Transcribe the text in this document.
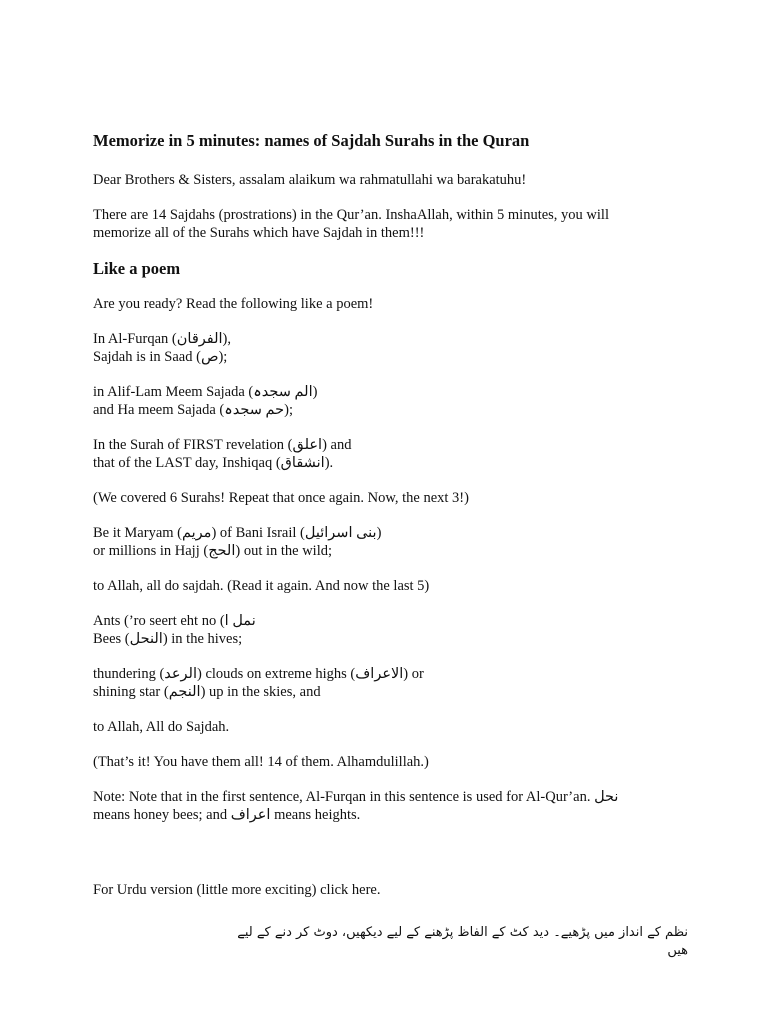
Memorize in 5 minutes: names of Sajdah Surahs in the Quran

Dear Brothers & Sisters, assalam alaikum wa rahmatullahi wa barakatuhu!

There are 14 Sajdahs (prostrations) in the Qur’an. InshaAllah, within 5 minutes, you will
memorize all of the Surahs which have Sajdah in them!!!
Like a poem

Are you ready? Read the following like a poem!

In Al-Furqan (الفرقان),
Sajdah is in Saad (ص);
in Alif-Lam Meem Sajada (الم سجدہ)
and Ha meem Sajada (حم سجدہ);
In the Surah of FIRST revelation (اعلق) and
that of the LAST day, Inshiqaq (انشقاق).

(We covered 6 Surahs! Repeat that once again. Now, the next 3!)

Be it Maryam (مریم) of Bani Israil (بنی اسرائیل)
or millions in Hajj (الحج) out in the wild;

to Allah, all do sajdah. (Read it again. And now the last 5)

Ants (’ro seert eht no (نمل ا
Bees (النحل) in the hives;
thundering (الرعد) clouds on extreme highs (الاعراف) or
shining star (النجم) up in the skies, and

to Allah, All do Sajdah.

(That’s it! You have them all! 14 of them. Alhamdulillah.)

Note: Note that in the first sentence, Al-Furqan in this sentence is used for Al-Qur’an. نحل
means honey bees; and اعراف means heights.

For Urdu version (little more exciting) click here.

نظم کے انداز میں پڑھیے۔ دید کٹ کے الفاظ پڑھنے کے لیے دیکھیں، دوٹ کر دنے کے لیے
ھیں
